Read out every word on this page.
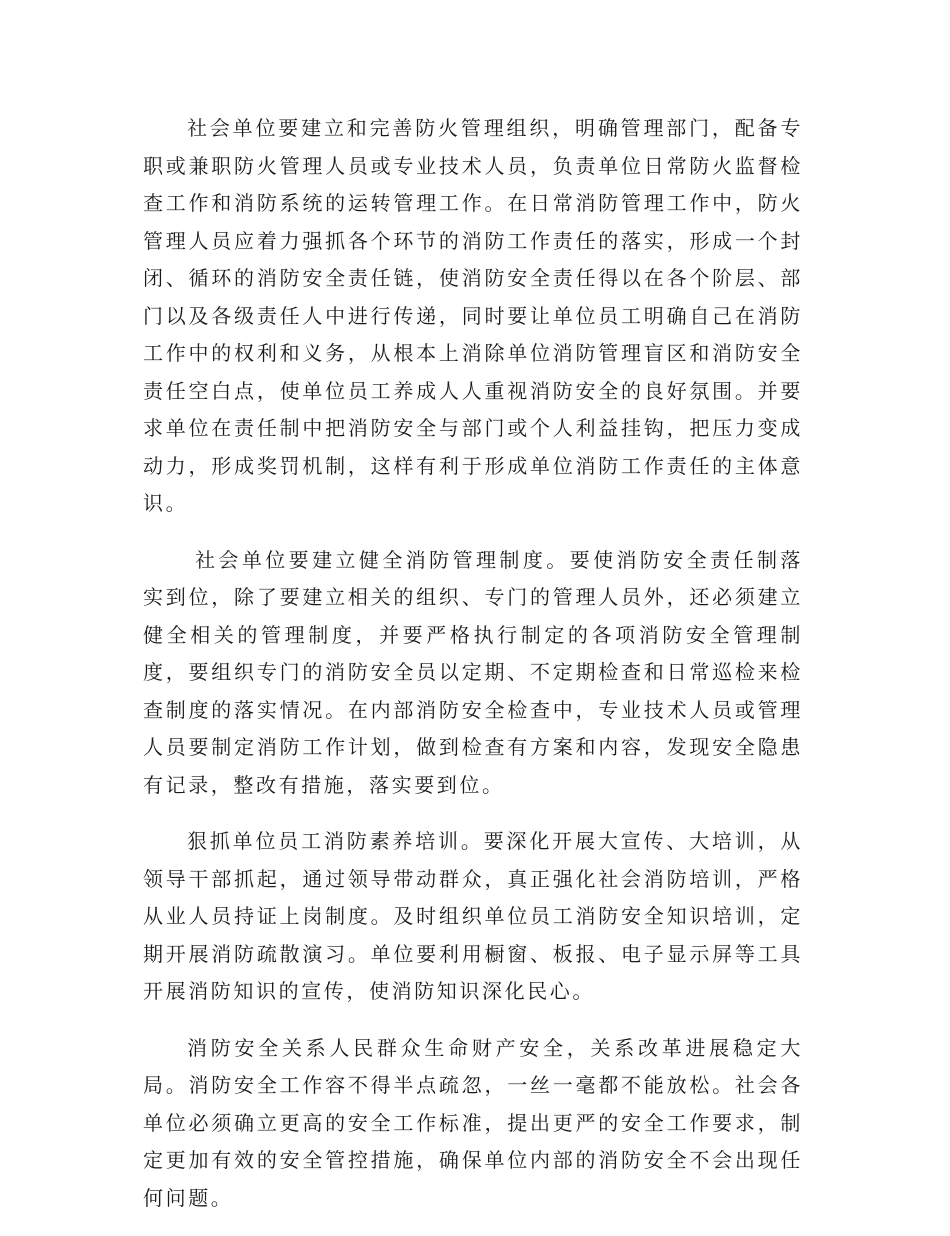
社会单位要建立和完善防火管理组织，明确管理部门，配备专职或兼职防火管理人员或专业技术人员，负责单位日常防火监督检查工作和消防系统的运转管理工作。在日常消防管理工作中，防火管理人员应着力强抓各个环节的消防工作责任的落实，形成一个封闭、循环的消防安全责任链，使消防安全责任得以在各个阶层、部门以及各级责任人中进行传递，同时要让单位员工明确自己在消防工作中的权利和义务，从根本上消除单位消防管理盲区和消防安全责任空白点，使单位员工养成人人重视消防安全的良好氛围。并要求单位在责任制中把消防安全与部门或个人利益挂钩，把压力变成动力，形成奖罚机制，这样有利于形成单位消防工作责任的主体意识。

社会单位要建立健全消防管理制度。要使消防安全责任制落实到位，除了要建立相关的组织、专门的管理人员外，还必须建立健全相关的管理制度，并要严格执行制定的各项消防安全管理制度，要组织专门的消防安全员以定期、不定期检查和日常巡检来检查制度的落实情况。在内部消防安全检查中，专业技术人员或管理人员要制定消防工作计划，做到检查有方案和内容，发现安全隐患有记录，整改有措施，落实要到位。

狠抓单位员工消防素养培训。要深化开展大宣传、大培训，从领导干部抓起，通过领导带动群众，真正强化社会消防培训，严格从业人员持证上岗制度。及时组织单位员工消防安全知识培训，定期开展消防疏散演习。单位要利用橱窗、板报、电子显示屏等工具开展消防知识的宣传，使消防知识深化民心。

消防安全关系人民群众生命财产安全，关系改革进展稳定大局。消防安全工作容不得半点疏忽，一丝一毫都不能放松。社会各单位必须确立更高的安全工作标准，提出更严的安全工作要求，制定更加有效的安全管控措施，确保单位内部的消防安全不会出现任何问题。
